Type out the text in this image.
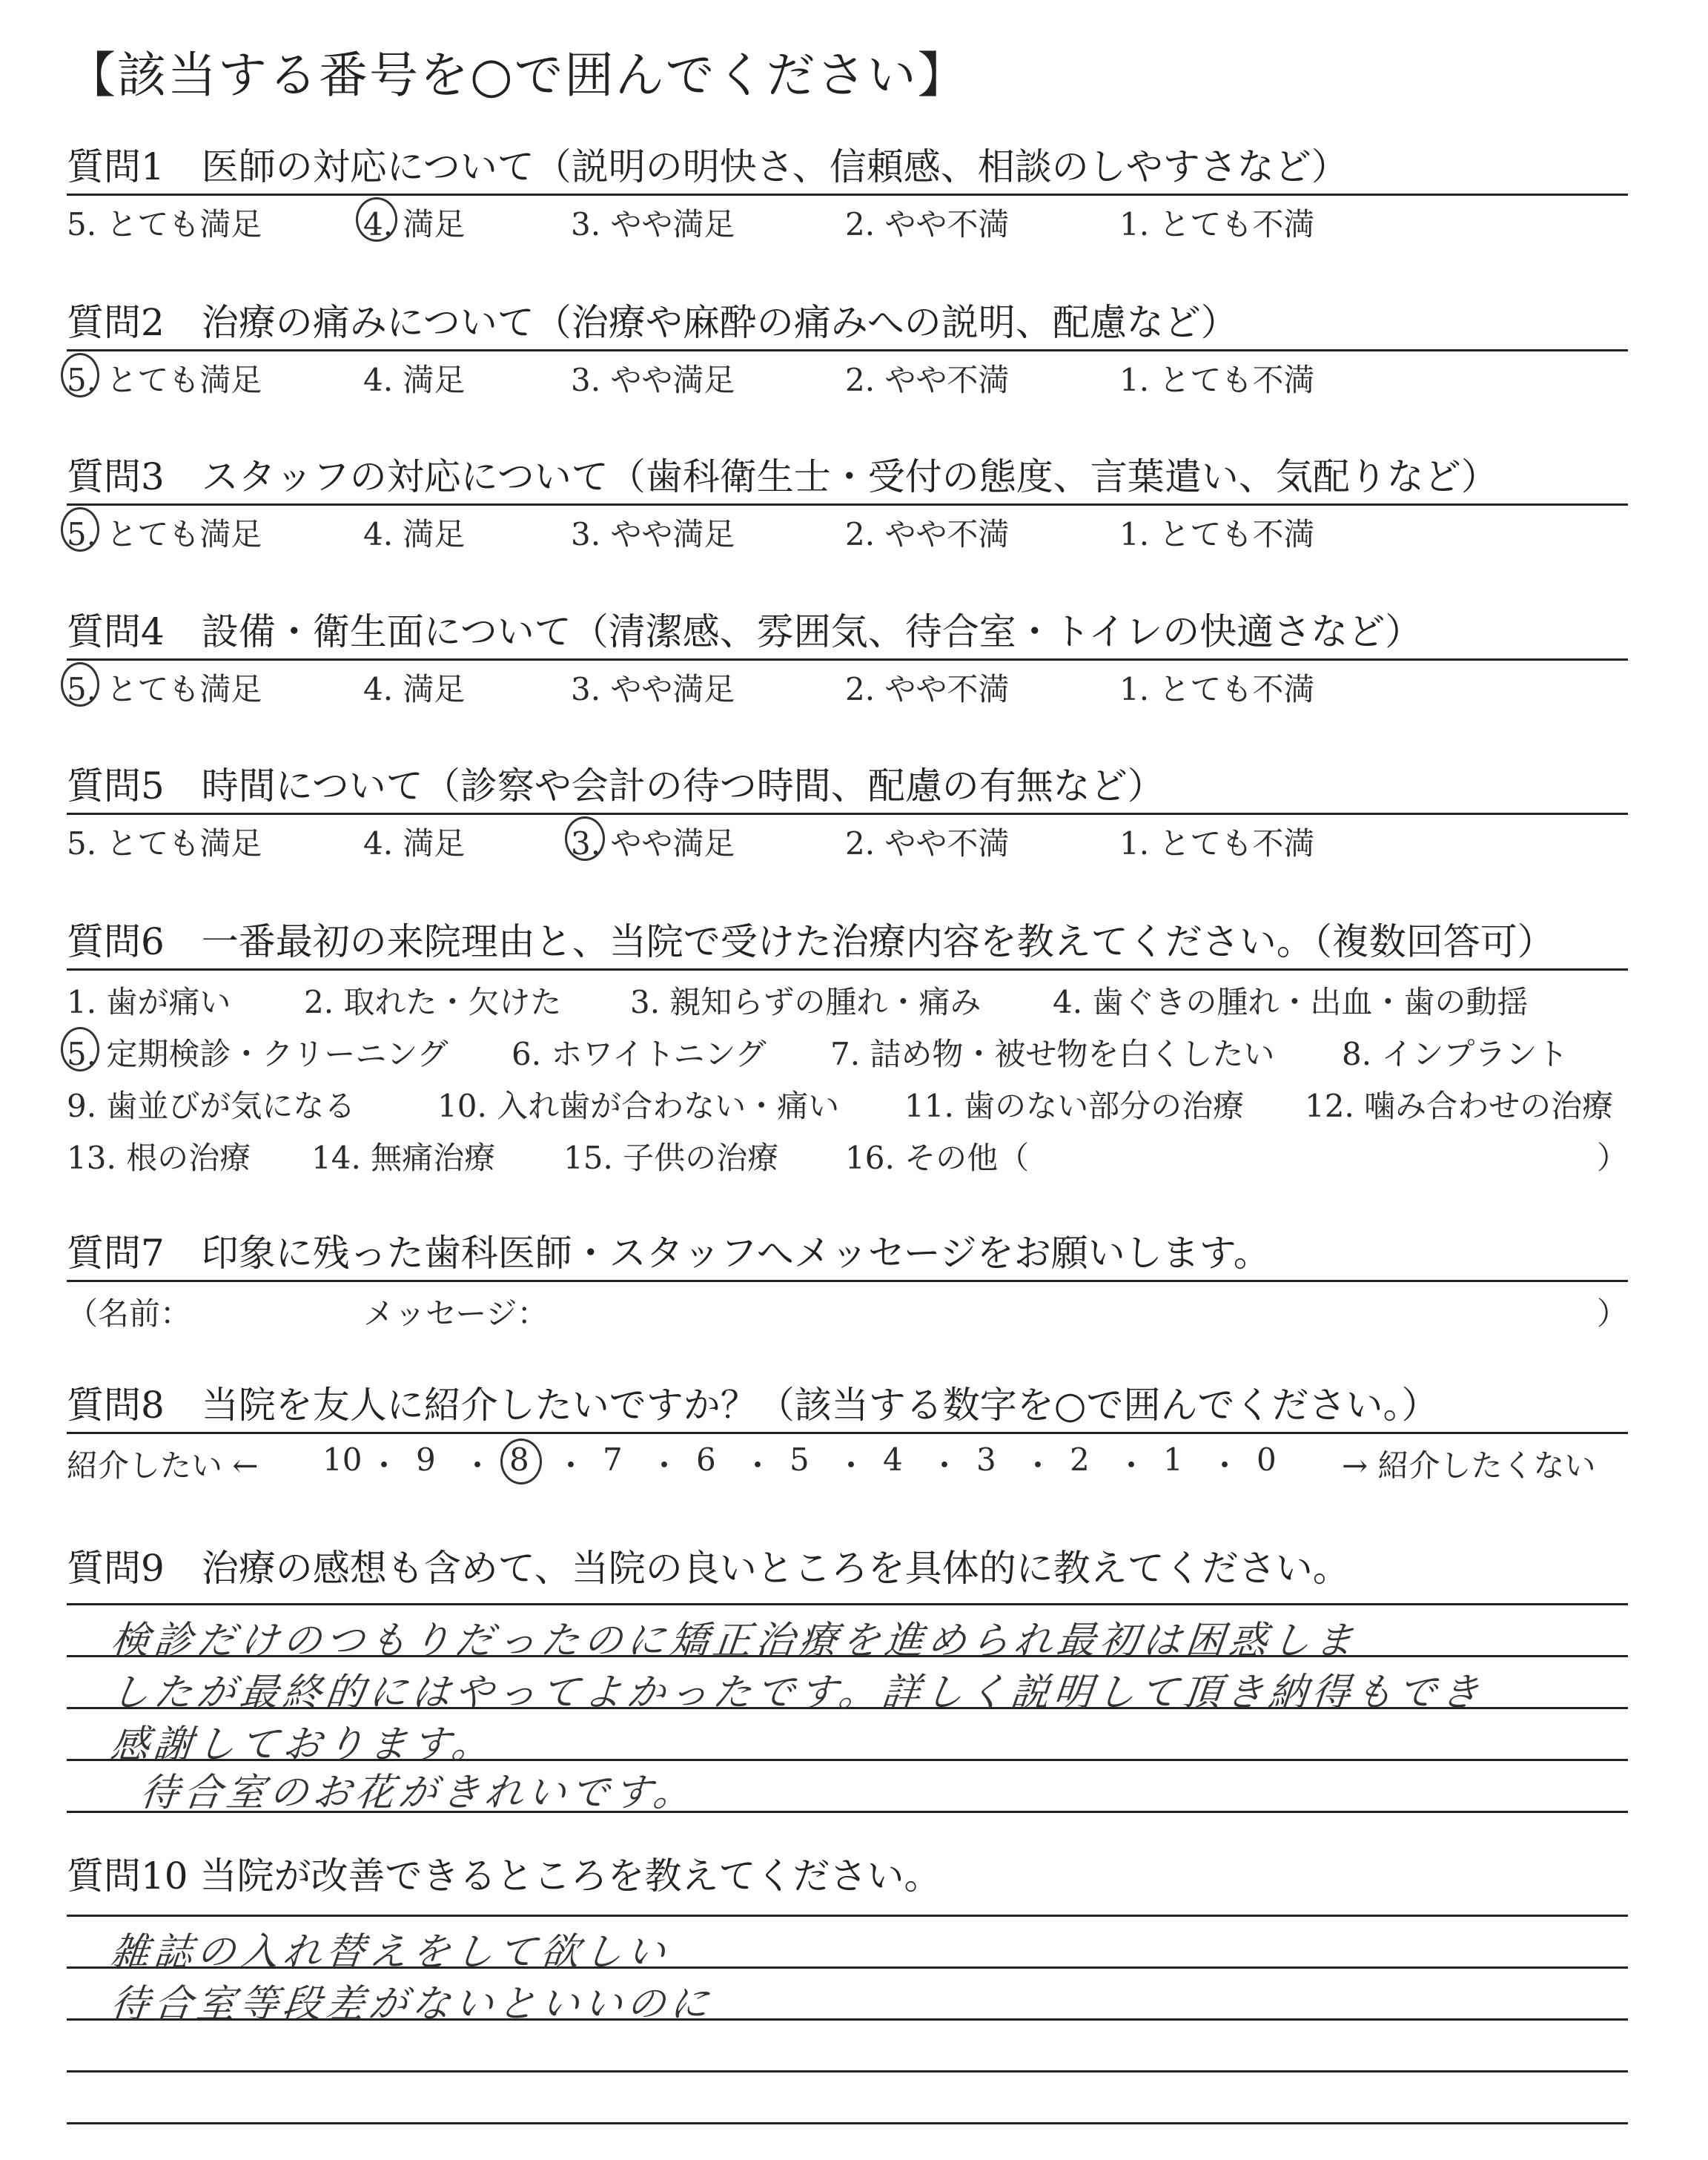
【該当する番号を○で囲んでください】
質問1　医師の対応について（説明の明快さ、信頼感、相談のしやすさなど）
5. とても満足	4. 満足	3. やや満足	2. やや不満	1. とても不満
質問2　治療の痛みについて（治療や麻酔の痛みへの説明、配慮など）
5. とても満足	4. 満足	3. やや満足	2. やや不満	1. とても不満
質問3　スタッフの対応について（歯科衛生士・受付の態度、言葉遣い、気配りなど）
5. とても満足	4. 満足	3. やや満足	2. やや不満	1. とても不満
質問4　設備・衛生面について（清潔感、雰囲気、待合室・トイレの快適さなど）
5. とても満足	4. 満足	3. やや満足	2. やや不満	1. とても不満
質問5　時間について（診察や会計の待つ時間、配慮の有無など）
5. とても満足	4. 満足	3. やや満足	2. やや不満	1. とても不満
質問6　一番最初の来院理由と、当院で受けた治療内容を教えてください。（複数回答可）
1. 歯が痛い 2. 取れた・欠けた 3. 親知らずの腫れ・痛み 4. 歯ぐきの腫れ・出血・歯の動揺
5. 定期検診・クリーニング 6. ホワイトニング 7. 詰め物・被せ物を白くしたい 8. インプラント
9. 歯並びが気になる	10. 入れ歯が合わない・痛い 11. 歯のない部分の治療 12. 噛み合わせの治療
13. 根の治療 14. 無痛治療 15. 子供の治療 16. その他（	）
質問7　印象に残った歯科医師・スタッフへメッセージをお願いします。
（名前：	メッセージ：	）
質問8　当院を友人に紹介したいですか？（該当する数字を○で囲んでください。）
紹介したい ←	→ 紹介したくない
10 ・ 9 ・ 8 ・ 7 ・ 6 ・ 5 ・ 4 ・ 3 ・ 2 ・ 1 ・ 0
質問9　治療の感想も含めて、当院の良いところを具体的に教えてください。
検診だけのつもりだったのに矯正治療を進められ最初は困惑しま
したが最終的にはやってよかったです。詳しく説明して頂き納得もでき
感謝しております。
待合室のお花がきれいです。
質問10 当院が改善できるところを教えてください。
雑誌の入れ替えをして欲しい
待合室等段差がないといいのに
